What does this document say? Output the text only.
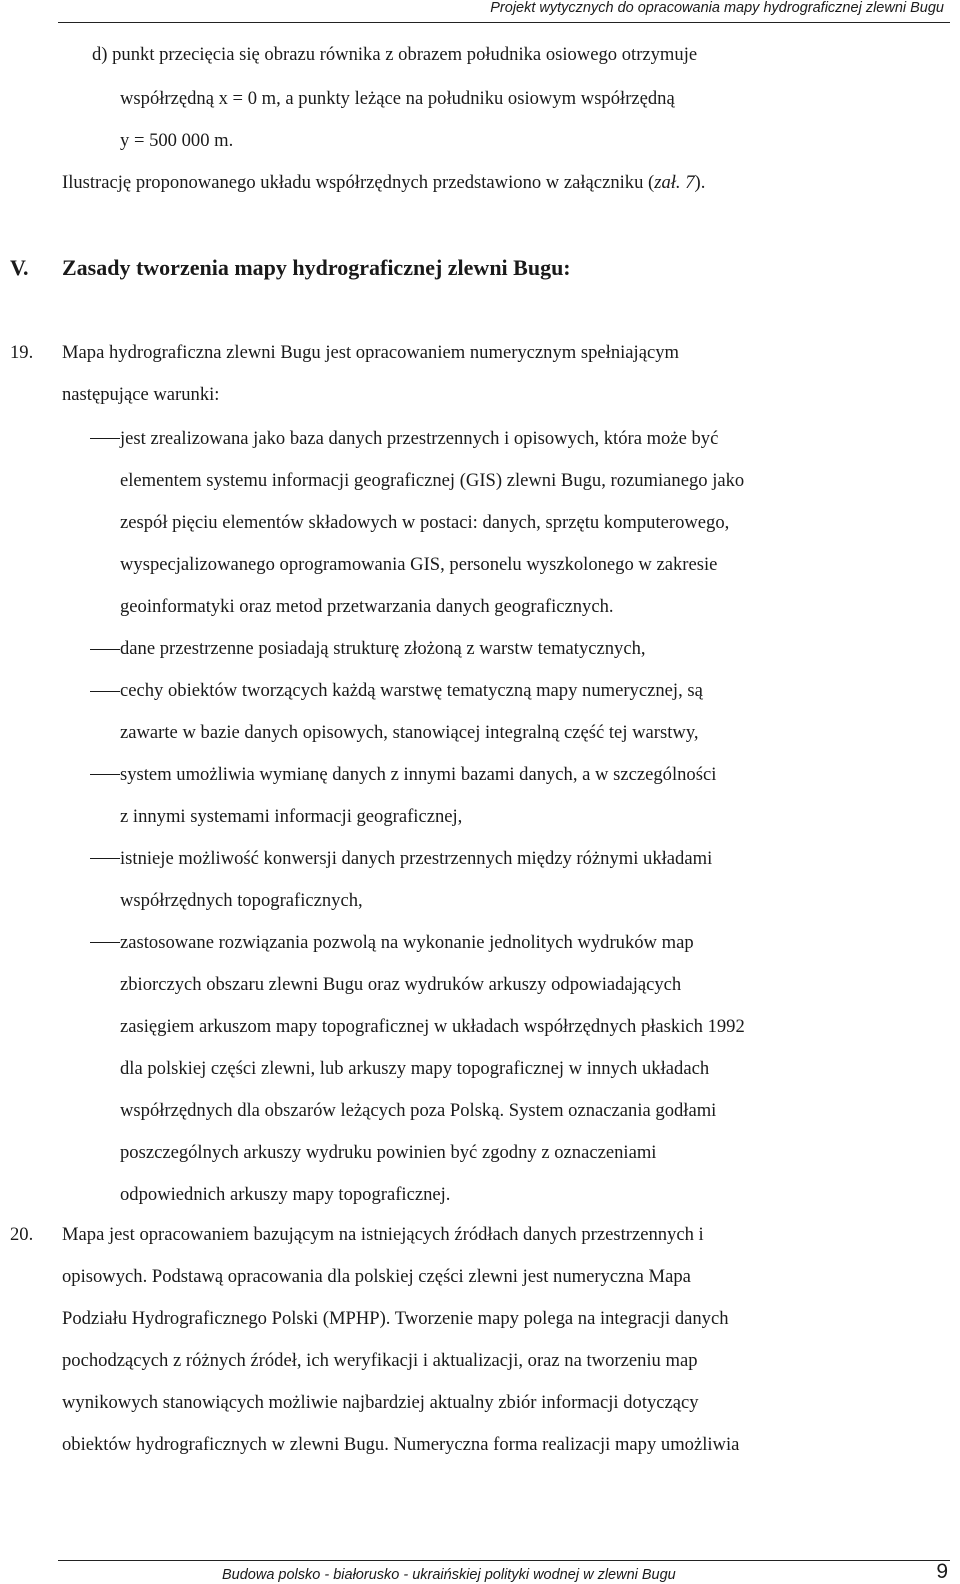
Projekt wytycznych do opracowania mapy hydrograficznej zlewni Bugu
d) punkt przecięcia się obrazu równika z obrazem południka osiowego otrzymuje
współrzędną x = 0 m, a punkty leżące na południku osiowym współrzędną
y = 500 000 m.
Ilustrację proponowanego układu współrzędnych przedstawiono w załączniku (zał. 7).
V. Zasady tworzenia mapy hydrograficznej zlewni Bugu:
19. Mapa hydrograficzna zlewni Bugu jest opracowaniem numerycznym spełniającym
następujące warunki:
jest zrealizowana jako baza danych przestrzennych i opisowych, która może być
elementem systemu informacji geograficznej (GIS) zlewni Bugu, rozumianego jako
zespół pięciu elementów składowych w postaci: danych, sprzętu komputerowego,
wyspecjalizowanego oprogramowania GIS, personelu wyszkolonego w zakresie
geoinformatyki oraz metod przetwarzania danych geograficznych.
dane przestrzenne posiadają strukturę złożoną z warstw tematycznych,
cechy obiektów tworzących każdą warstwę tematyczną mapy numerycznej, są
zawarte w bazie danych opisowych, stanowiącej integralną część tej warstwy,
system umożliwia wymianę danych z innymi bazami danych, a w szczególności
z innymi systemami informacji geograficznej,
istnieje możliwość konwersji danych przestrzennych między różnymi układami
współrzędnych topograficznych,
zastosowane rozwiązania pozwolą na wykonanie jednolitych wydruków map
zbiorczych obszaru zlewni Bugu oraz wydruków arkuszy odpowiadających
zasięgiem arkuszom mapy topograficznej w układach współrzędnych płaskich 1992
dla polskiej części zlewni, lub arkuszy mapy topograficznej w innych układach
współrzędnych dla obszarów leżących poza Polską. System oznaczania godłami
poszczególnych arkuszy wydruku powinien być zgodny z oznaczeniami
odpowiednich arkuszy mapy topograficznej.
20. Mapa jest opracowaniem bazującym na istniejących źródłach danych przestrzennych i
opisowych. Podstawą opracowania dla polskiej części zlewni jest numeryczna Mapa
Podziału Hydrograficznego Polski (MPHP). Tworzenie mapy polega na integracji danych
pochodzących z różnych źródeł, ich weryfikacji i aktualizacji, oraz na tworzeniu map
wynikowych stanowiących możliwie najbardziej aktualny zbiór informacji dotyczący
obiektów hydrograficznych w zlewni Bugu. Numeryczna forma realizacji mapy umożliwia
Budowa polsko - białorusko - ukraińskiej polityki wodnej w zlewni Bugu	9
